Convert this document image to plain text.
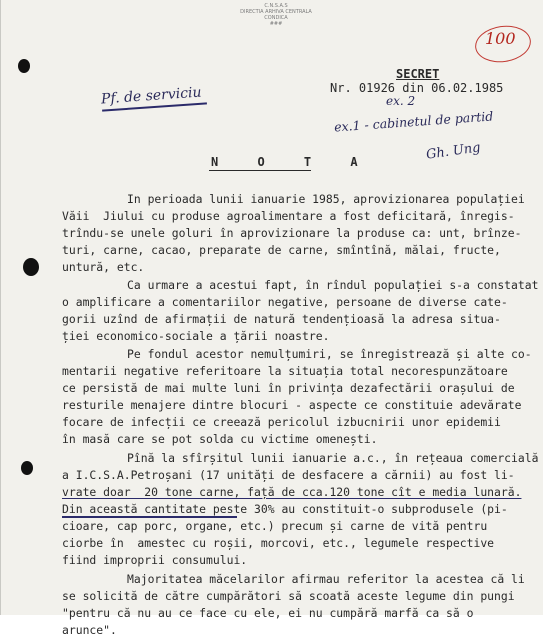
C.N.S.A.S
DIRECTIA ARHIVA CENTRALA
CONDICA
###
100
SECRET
Nr. 01926 din 06.02.1985
ex. 2
Pf. de serviciu
ex.1 - cabinetul de partid
Gh. Ung
N O T A
In perioada lunii ianuarie 1985, aprovizionarea populației
Văii  Jiului cu produse agroalimentare a fost deficitară, înregis-
trîndu-se unele goluri în aprovizionare la produse ca: unt, brînze-
turi, carne, cacao, preparate de carne, smîntînă, mălai, fructe,
untură, etc.
Ca urmare a acestui fapt, în rîndul populației s-a constatat
o amplificare a comentariilor negative, persoane de diverse cate-
gorii uzînd de afirmații de natură tendențioasă la adresa situa-
ției economico-sociale a țării noastre.
Pe fondul acestor nemulțumiri, se înregistrează și alte co-
mentarii negative referitoare la situația total necorespunzătoare
ce persistă de mai multe luni în privința dezafectării orașului de
resturile menajere dintre blocuri - aspecte ce constituie adevărate
focare de infecții ce creează pericolul izbucnirii unor epidemii
în masă care se pot solda cu victime omenești.
Pînă la sfîrșitul lunii ianuarie a.c., în rețeaua comercială
a I.C.S.A.Petroșani (17 unități de desfacere a cărnii) au fost li-
vrate doar  20 tone carne, față de cca.120 tone cît e media lunară.
Din această cantitate peste 30% au constituit-o subprodusele (pi-
cioare, cap porc, organe, etc.) precum și carne de vită pentru
ciorbe în  amestec cu roșii, morcovi, etc., legumele respective
fiind improprii consumului.
Majoritatea măcelarilor afirmau referitor la acestea că li
se solicită de către cumpărători să scoată aceste legume din pungi
"pentru că nu au ce face cu ele, ei nu cumpără marfă ca să o
arunce".
